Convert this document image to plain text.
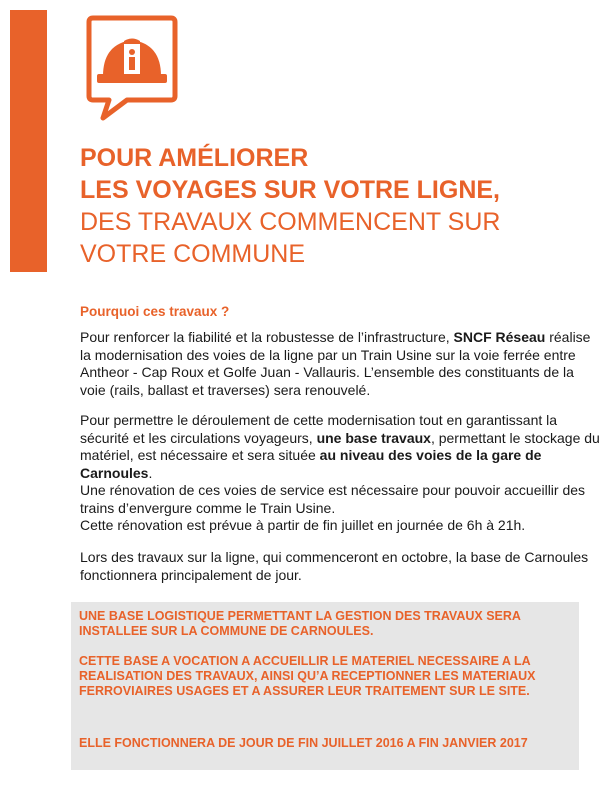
POUR AMÉLIORER
LES VOYAGES SUR VOTRE LIGNE,
DES TRAVAUX COMMENCENT SUR
VOTRE COMMUNE
Pourquoi ces travaux ?
Pour renforcer la fiabilité et la robustesse de l’infrastructure, SNCF Réseau réalise la modernisation des voies de la ligne par un Train Usine sur la voie ferrée entre Antheor - Cap Roux et Golfe Juan - Vallauris. L’ensemble des constituants de la voie (rails, ballast et traverses) sera renouvelé.
Pour permettre le déroulement de cette modernisation tout en garantissant la sécurité et les circulations voyageurs, une base travaux, permettant le stockage du matériel, est nécessaire et sera située au niveau des voies de la gare de Carnoules.
Une rénovation de ces voies de service est nécessaire pour pouvoir accueillir des trains d’envergure comme le Train Usine.
Cette rénovation est prévue à partir de fin juillet en journée de 6h à 21h.
Lors des travaux sur la ligne, qui commenceront en octobre, la base de Carnoules fonctionnera principalement de jour.
UNE BASE LOGISTIQUE PERMETTANT LA GESTION DES TRAVAUX SERA INSTALLEE SUR LA COMMUNE DE CARNOULES.
CETTE BASE A VOCATION A ACCUEILLIR LE MATERIEL NECESSAIRE A LA REALISATION DES TRAVAUX, AINSI QU’A RECEPTIONNER LES MATERIAUX FERROVIAIRES USAGES ET A ASSURER LEUR TRAITEMENT SUR LE SITE.
ELLE FONCTIONNERA DE JOUR DE FIN JUILLET 2016 A FIN JANVIER 2017
